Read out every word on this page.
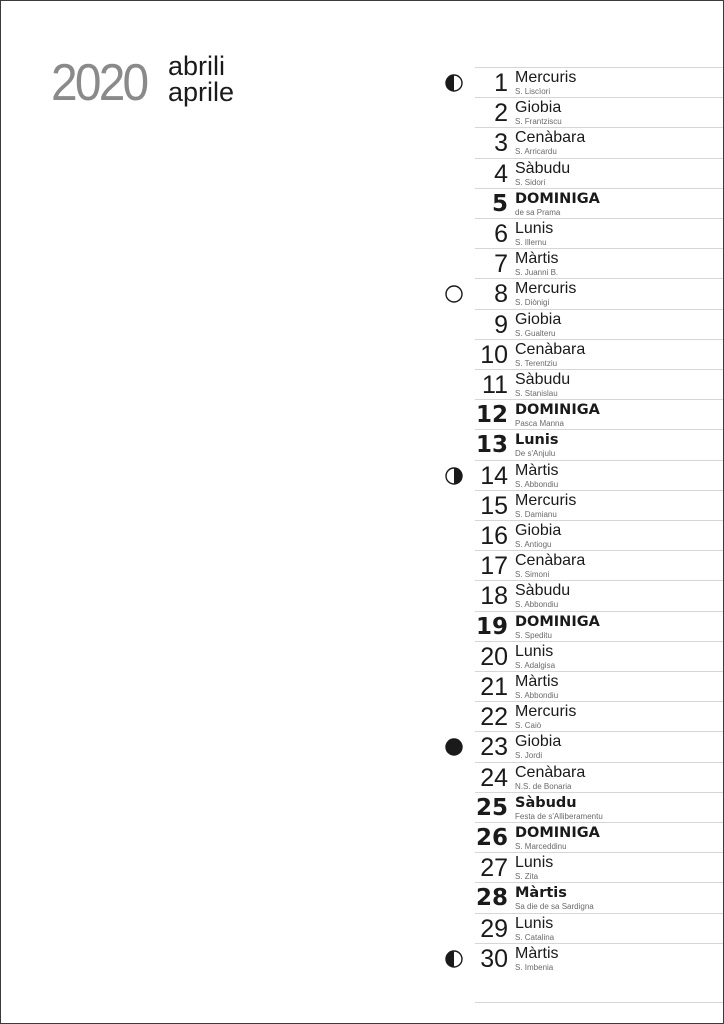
2020 abrili
aprile	1 Mercuris
S. Liscìori
2 Giobia
S. Frantziscu
3 Cenàbara
S. Arricardu
4 Sàbudu
S. Sidori
5 DOMINIGA
de sa Prama
6 Lunis
S. Illernu
7 Màrtis
S. Juanni B.
8 Mercuris
S. Diònigi
9 Giobia
S. Gualteru
10 Cenàbara
S. Terentziu
11 Sàbudu
S. Stanislau
12 DOMINIGA
Pasca Manna
13 Lunis
De s'Anjulu
14 Màrtis
S. Abbondiu
15 Mercuris
S. Damianu
16 Giobia
S. Antiogu
17 Cenàbara
S. Simoni
18 Sàbudu
S. Abbondiu
19 DOMINIGA
S. Speditu
20 Lunis
S. Adalgisa
21 Màrtis
S. Abbondiu
22 Mercuris
S. Caiò
23 Giobia
S. Jordi
24 Cenàbara
N.S. de Bonaria
25 Sàbudu
Festa de s'Alliberamentu
26 DOMINIGA
S. Marceddinu
27 Lunis
S. Zita
28 Màrtis
Sa die de sa Sardigna
29 Lunis
S. Catalina
30 Màrtis
S. Imbenia
